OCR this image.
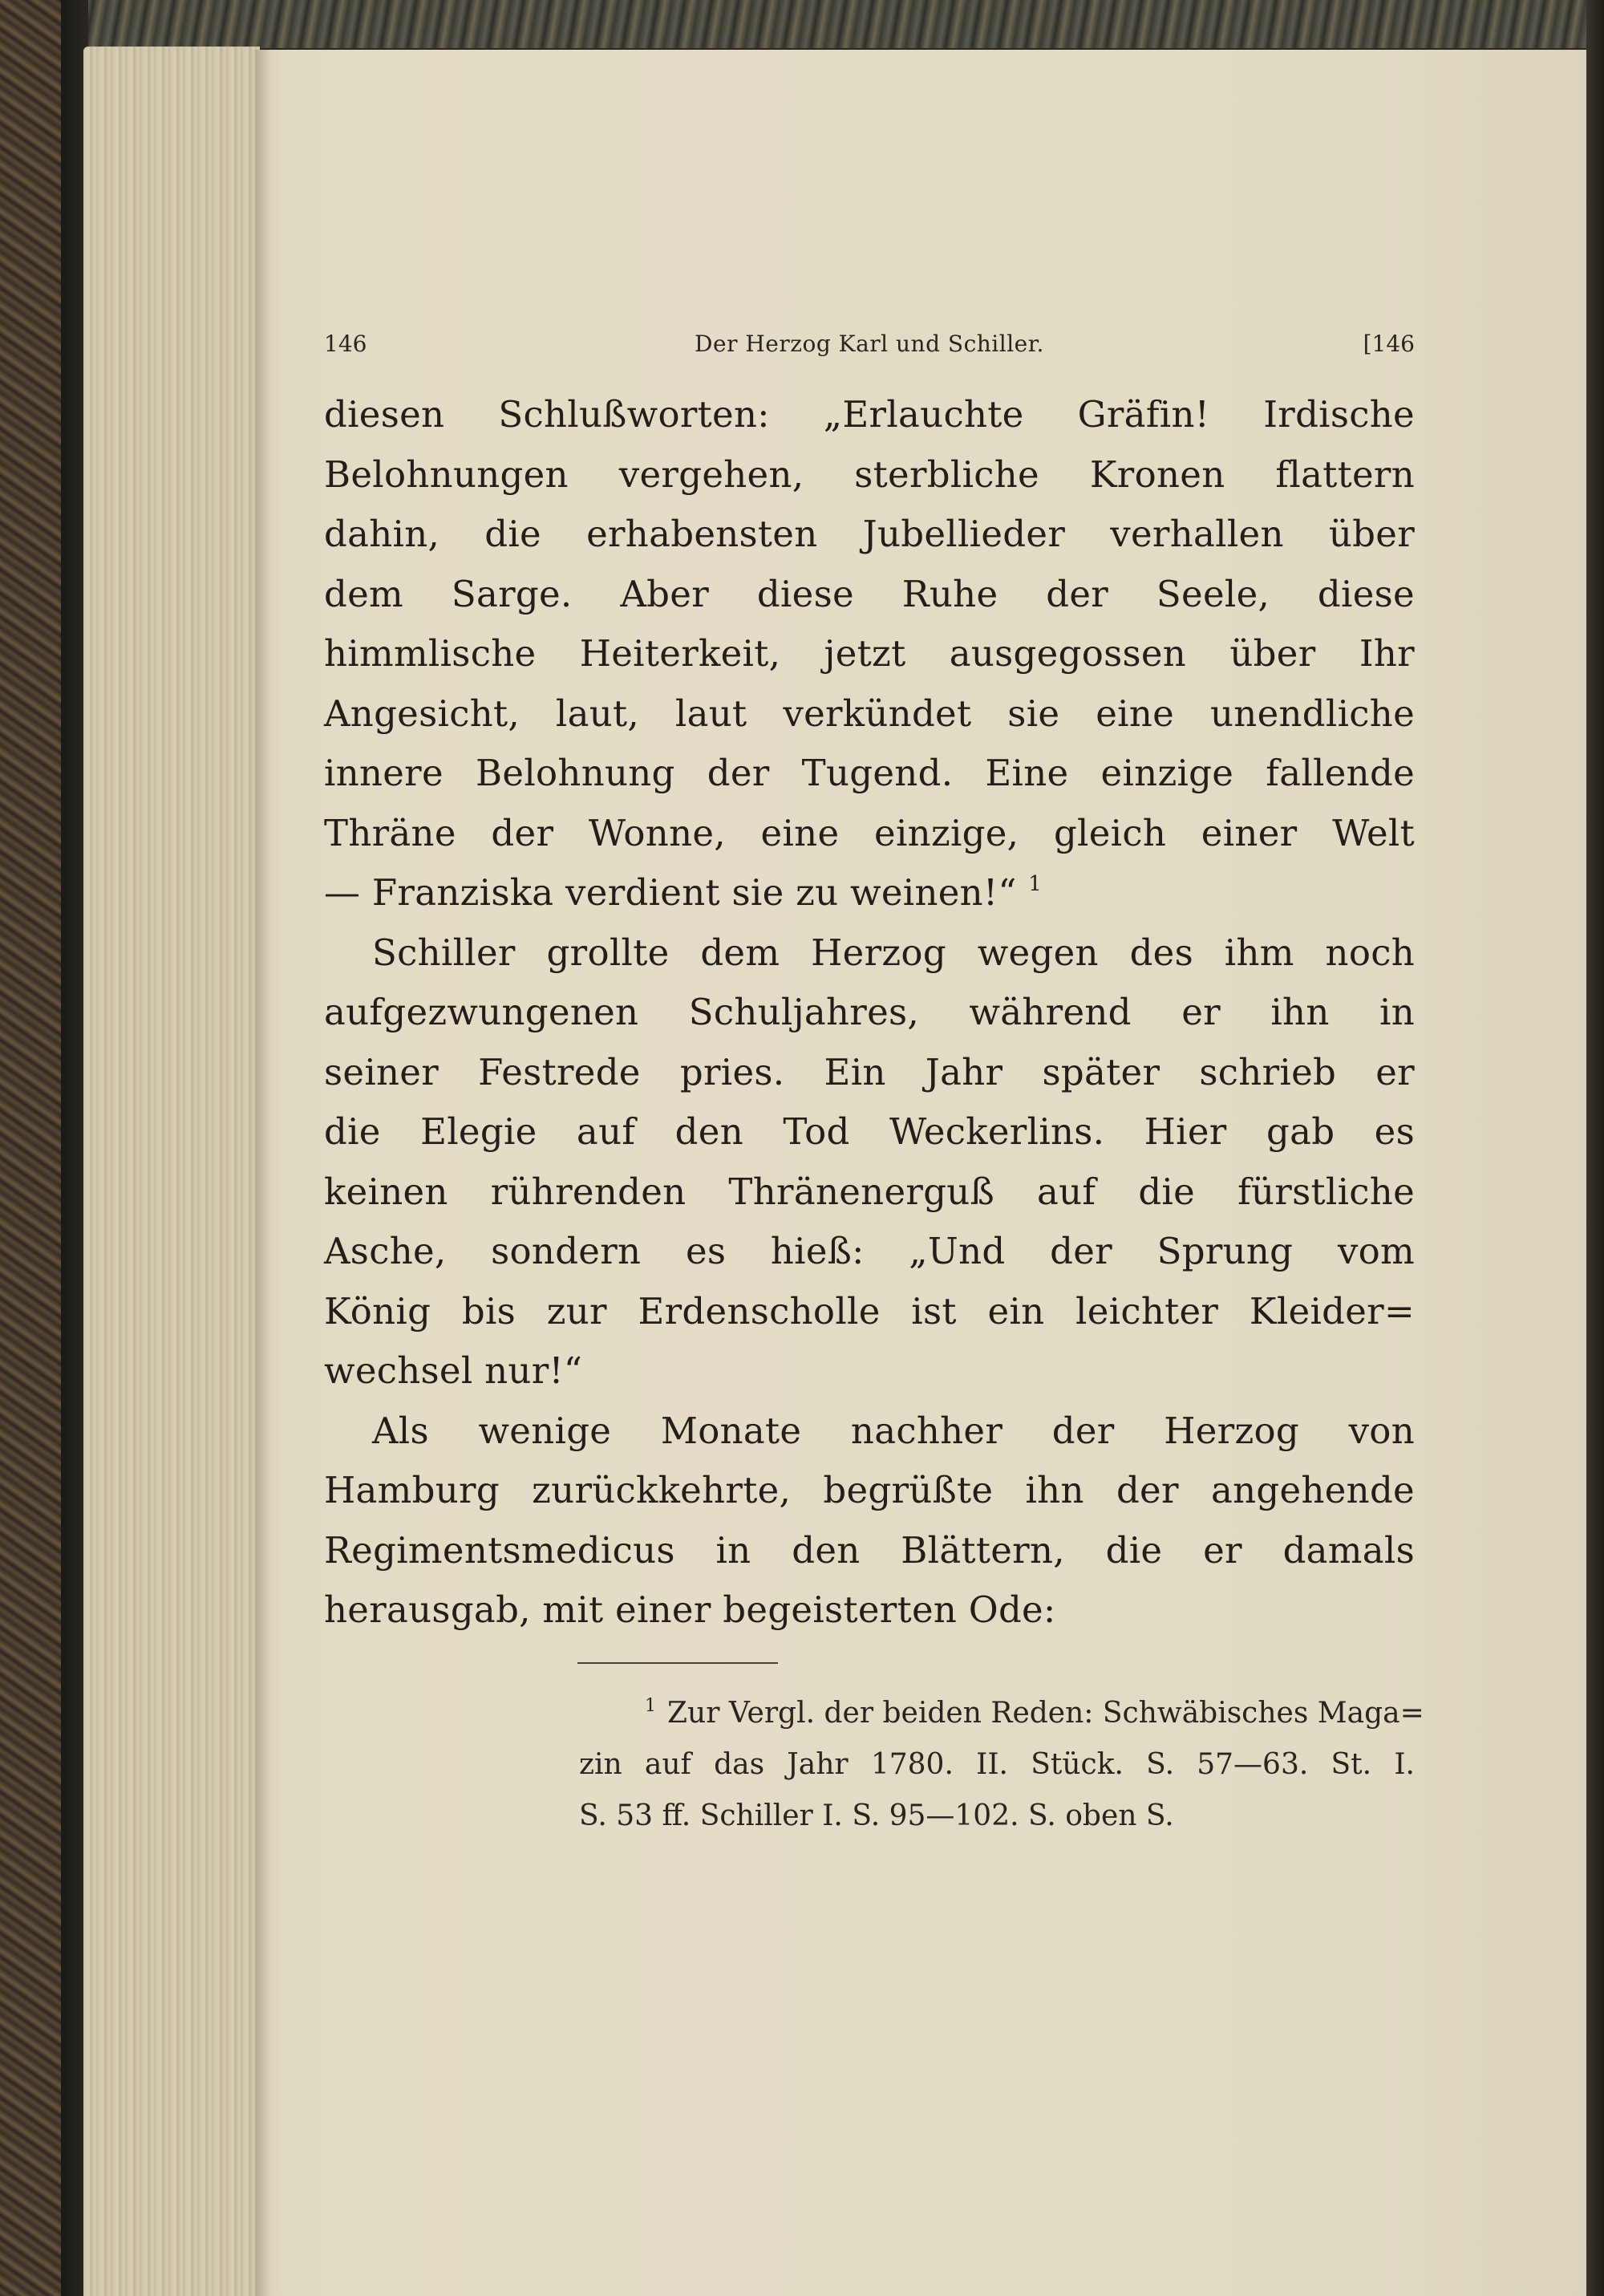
146	Der Herzog Karl und Schiller.	[146
diesen Schlußworten: „Erlauchte Gräfin! Irdische
Belohnungen vergehen, sterbliche Kronen flattern
dahin, die erhabensten Jubellieder verhallen über
dem Sarge. Aber diese Ruhe der Seele, diese
himmlische Heiterkeit, jetzt ausgegossen über Ihr
Angesicht, laut, laut verkündet sie eine unendliche
innere Belohnung der Tugend. Eine einzige fallende
Thräne der Wonne, eine einzige, gleich einer Welt
— Franziska verdient sie zu weinen!“ $^1$
Schiller grollte dem Herzog wegen des ihm noch
aufgezwungenen Schuljahres, während er ihn in
seiner Festrede pries. Ein Jahr später schrieb er
die Elegie auf den Tod Weckerlins. Hier gab es
keinen rührenden Thränenerguß auf die fürstliche
Asche, sondern es hieß: „Und der Sprung vom
König bis zur Erdenscholle ist ein leichter Kleider=
wechsel nur!“
Als wenige Monate nachher der Herzog von
Hamburg zurückkehrte, begrüßte ihn der angehende
Regimentsmedicus in den Blättern, die er damals
herausgab, mit einer begeisterten Ode:
$^1$ Zur Vergl. der beiden Reden: Schwäbisches Maga=
zin auf das Jahr 1780. II. Stück. S. 57—63. St. I.
S. 53 ff. Schiller I. S. 95—102. S. oben S.
